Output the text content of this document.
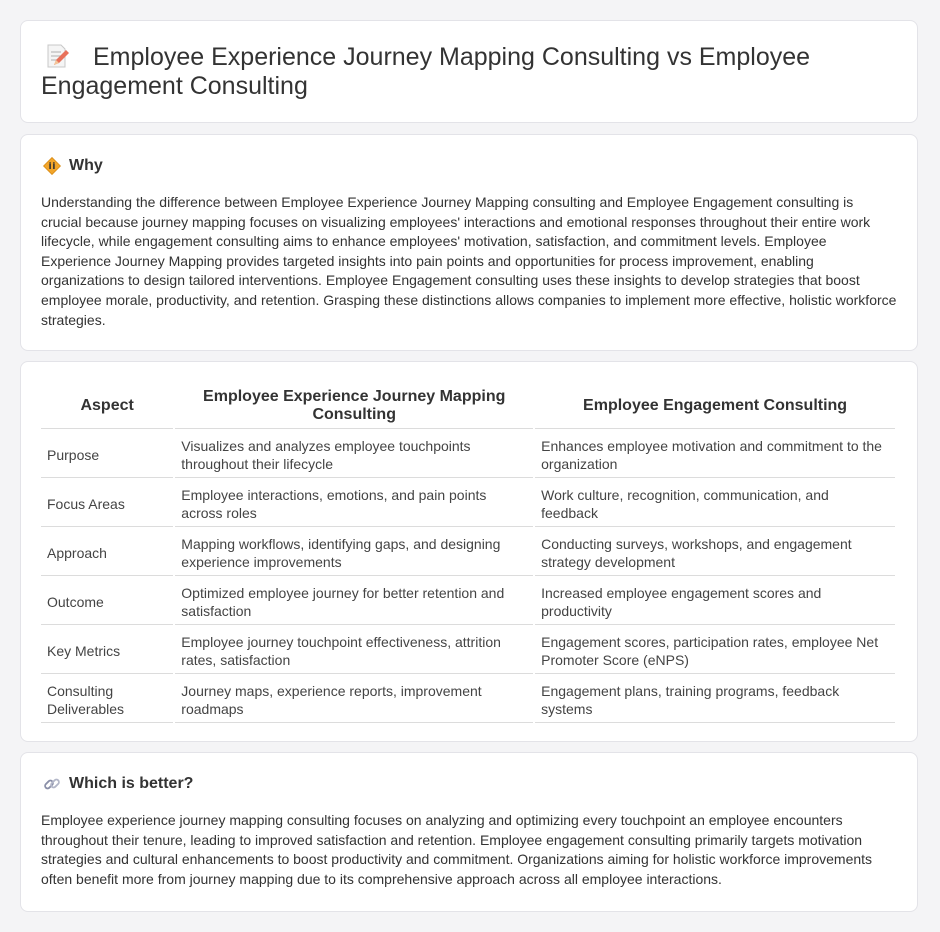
Employee Experience Journey Mapping Consulting vs Employee Engagement Consulting
Why

Understanding the difference between Employee Experience Journey Mapping consulting and Employee Engagement consulting is crucial because journey mapping focuses on visualizing employees' interactions and emotional responses throughout their entire work lifecycle, while engagement consulting aims to enhance employees' motivation, satisfaction, and commitment levels. Employee Experience Journey Mapping provides targeted insights into pain points and opportunities for process improvement, enabling organizations to design tailored interventions. Employee Engagement consulting uses these insights to develop strategies that boost employee morale, productivity, and retention. Grasping these distinctions allows companies to implement more effective, holistic workforce strategies.

Aspect	Employee Experience Journey Mapping Consulting	Employee Engagement Consulting
Purpose	Visualizes and analyzes employee touchpoints throughout their lifecycle	Enhances employee motivation and commitment to the organization
Focus Areas	Employee interactions, emotions, and pain points across roles	Work culture, recognition, communication, and feedback
Approach	Mapping workflows, identifying gaps, and designing experience improvements	Conducting surveys, workshops, and engagement strategy development
Outcome	Optimized employee journey for better retention and satisfaction	Increased employee engagement scores and productivity
Key Metrics	Employee journey touchpoint effectiveness, attrition rates, satisfaction	Engagement scores, participation rates, employee Net Promoter Score (eNPS)
Consulting Deliverables	Journey maps, experience reports, improvement roadmaps	Engagement plans, training programs, feedback systems
Which is better?

Employee experience journey mapping consulting focuses on analyzing and optimizing every touchpoint an employee encounters throughout their tenure, leading to improved satisfaction and retention. Employee engagement consulting primarily targets motivation strategies and cultural enhancements to boost productivity and commitment. Organizations aiming for holistic workforce improvements often benefit more from journey mapping due to its comprehensive approach across all employee interactions.
